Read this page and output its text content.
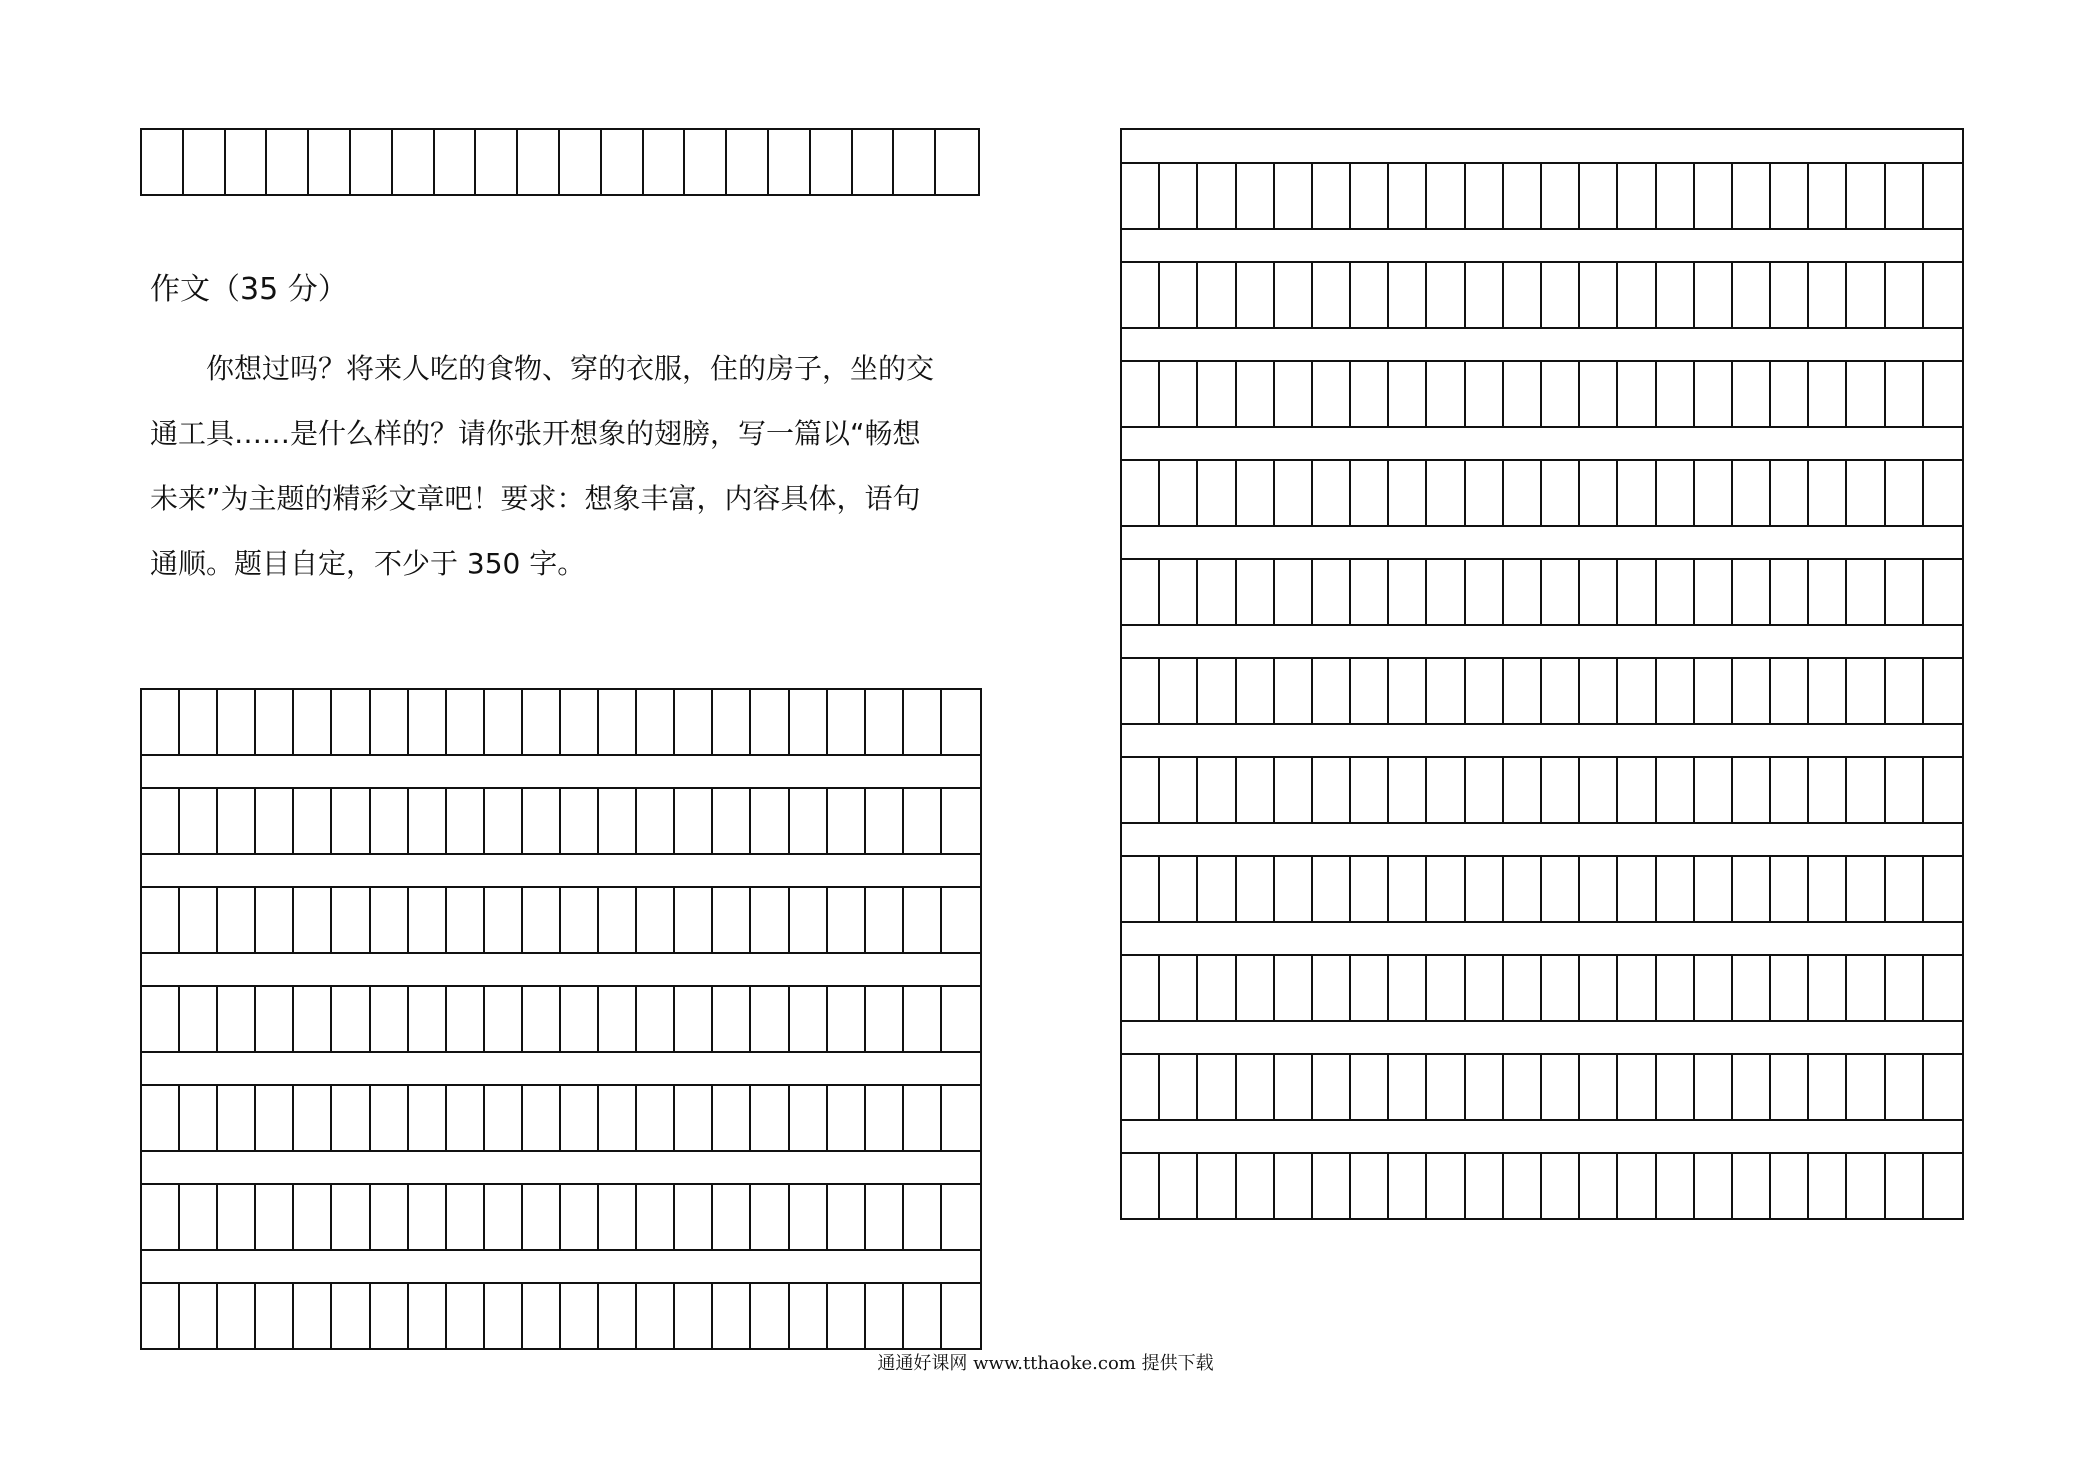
作文（35 分）
你想过吗？将来人吃的食物、穿的衣服，住的房子，坐的交
通工具……是什么样的？请你张开想象的翅膀，写一篇以“畅想
未来”为主题的精彩文章吧！要求：想象丰富，内容具体，语句
通顺。题目自定，不少于 350 字。
通通好课网 www.tthaoke.com 提供下载
